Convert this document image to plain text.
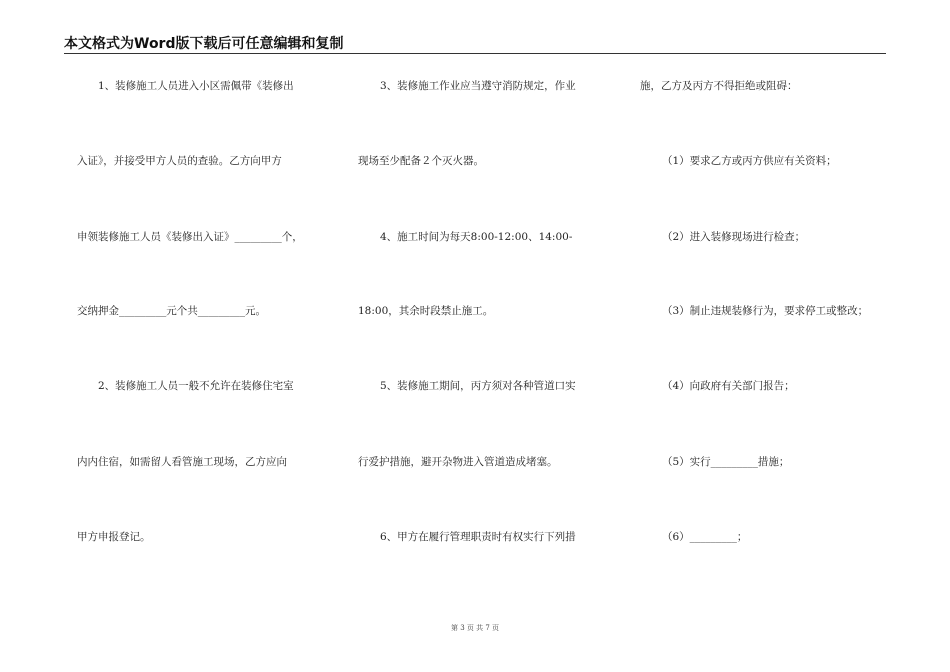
本文格式为Word版下载后可任意编辑和复制
1、装修施工人员进入小区需佩带《装修出
入证》，并接受甲方人员的查验。乙方向甲方
申领装修施工人员《装修出入证》_________个，
交纳押金_________元个共_________元。
2、装修施工人员一般不允许在装修住宅室
内内住宿，如需留人看管施工现场，乙方应向
甲方申报登记。
3、装修施工作业应当遵守消防规定，作业
现场至少配备２个灭火器。
4、施工时间为每天8:00-12:00、14:00-
18:00，其余时段禁止施工。
5、装修施工期间，丙方须对各种管道口实
行爱护措施，避开杂物进入管道造成堵塞。
6、甲方在履行管理职责时有权实行下列措
施，乙方及丙方不得拒绝或阻碍：
（1）要求乙方或丙方供应有关资料；
（2）进入装修现场进行检查；
（3）制止违规装修行为，要求停工或整改；
（4）向政府有关部门报告；
（5）实行_________措施；
（6）_________；
第 3 页 共 7 页
